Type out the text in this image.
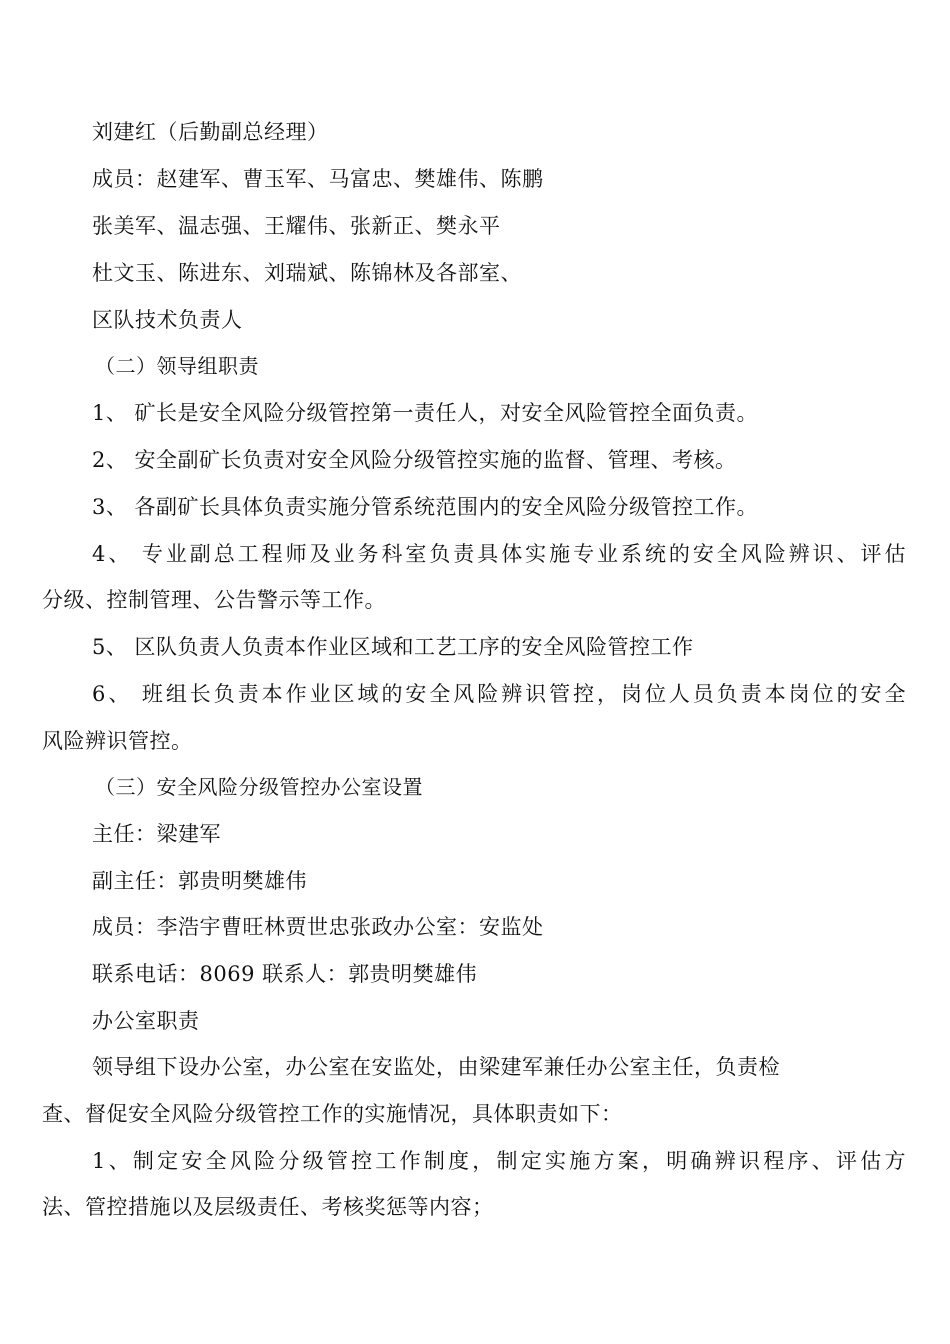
刘建红（后勤副总经理）
成员：赵建军、曹玉军、马富忠、樊雄伟、陈鹏
张美军、温志强、王耀伟、张新正、樊永平
杜文玉、陈进东、刘瑞斌、陈锦林及各部室、
区队技术负责人
（二）领导组职责
1、 矿长是安全风险分级管控第一责任人，对安全风险管控全面负责。
2、 安全副矿长负责对安全风险分级管控实施的监督、管理、考核。
3、 各副矿长具体负责实施分管系统范围内的安全风险分级管控工作。
4、 专业副总工程师及业务科室负责具体实施专业系统的安全风险辨识、评估
分级、控制管理、公告警示等工作。
5、 区队负责人负责本作业区域和工艺工序的安全风险管控工作
6、 班组长负责本作业区域的安全风险辨识管控，岗位人员负责本岗位的安全
风险辨识管控。
（三）安全风险分级管控办公室设置
主任：梁建军
副主任：郭贵明樊雄伟
成员：李浩宇曹旺林贾世忠张政办公室：安监处
联系电话：8069 联系人：郭贵明樊雄伟
办公室职责
领导组下设办公室，办公室在安监处，由梁建军兼任办公室主任，负责检
查、督促安全风险分级管控工作的实施情况，具体职责如下：
1、制定安全风险分级管控工作制度，制定实施方案，明确辨识程序、评估方
法、管控措施以及层级责任、考核奖惩等内容；
